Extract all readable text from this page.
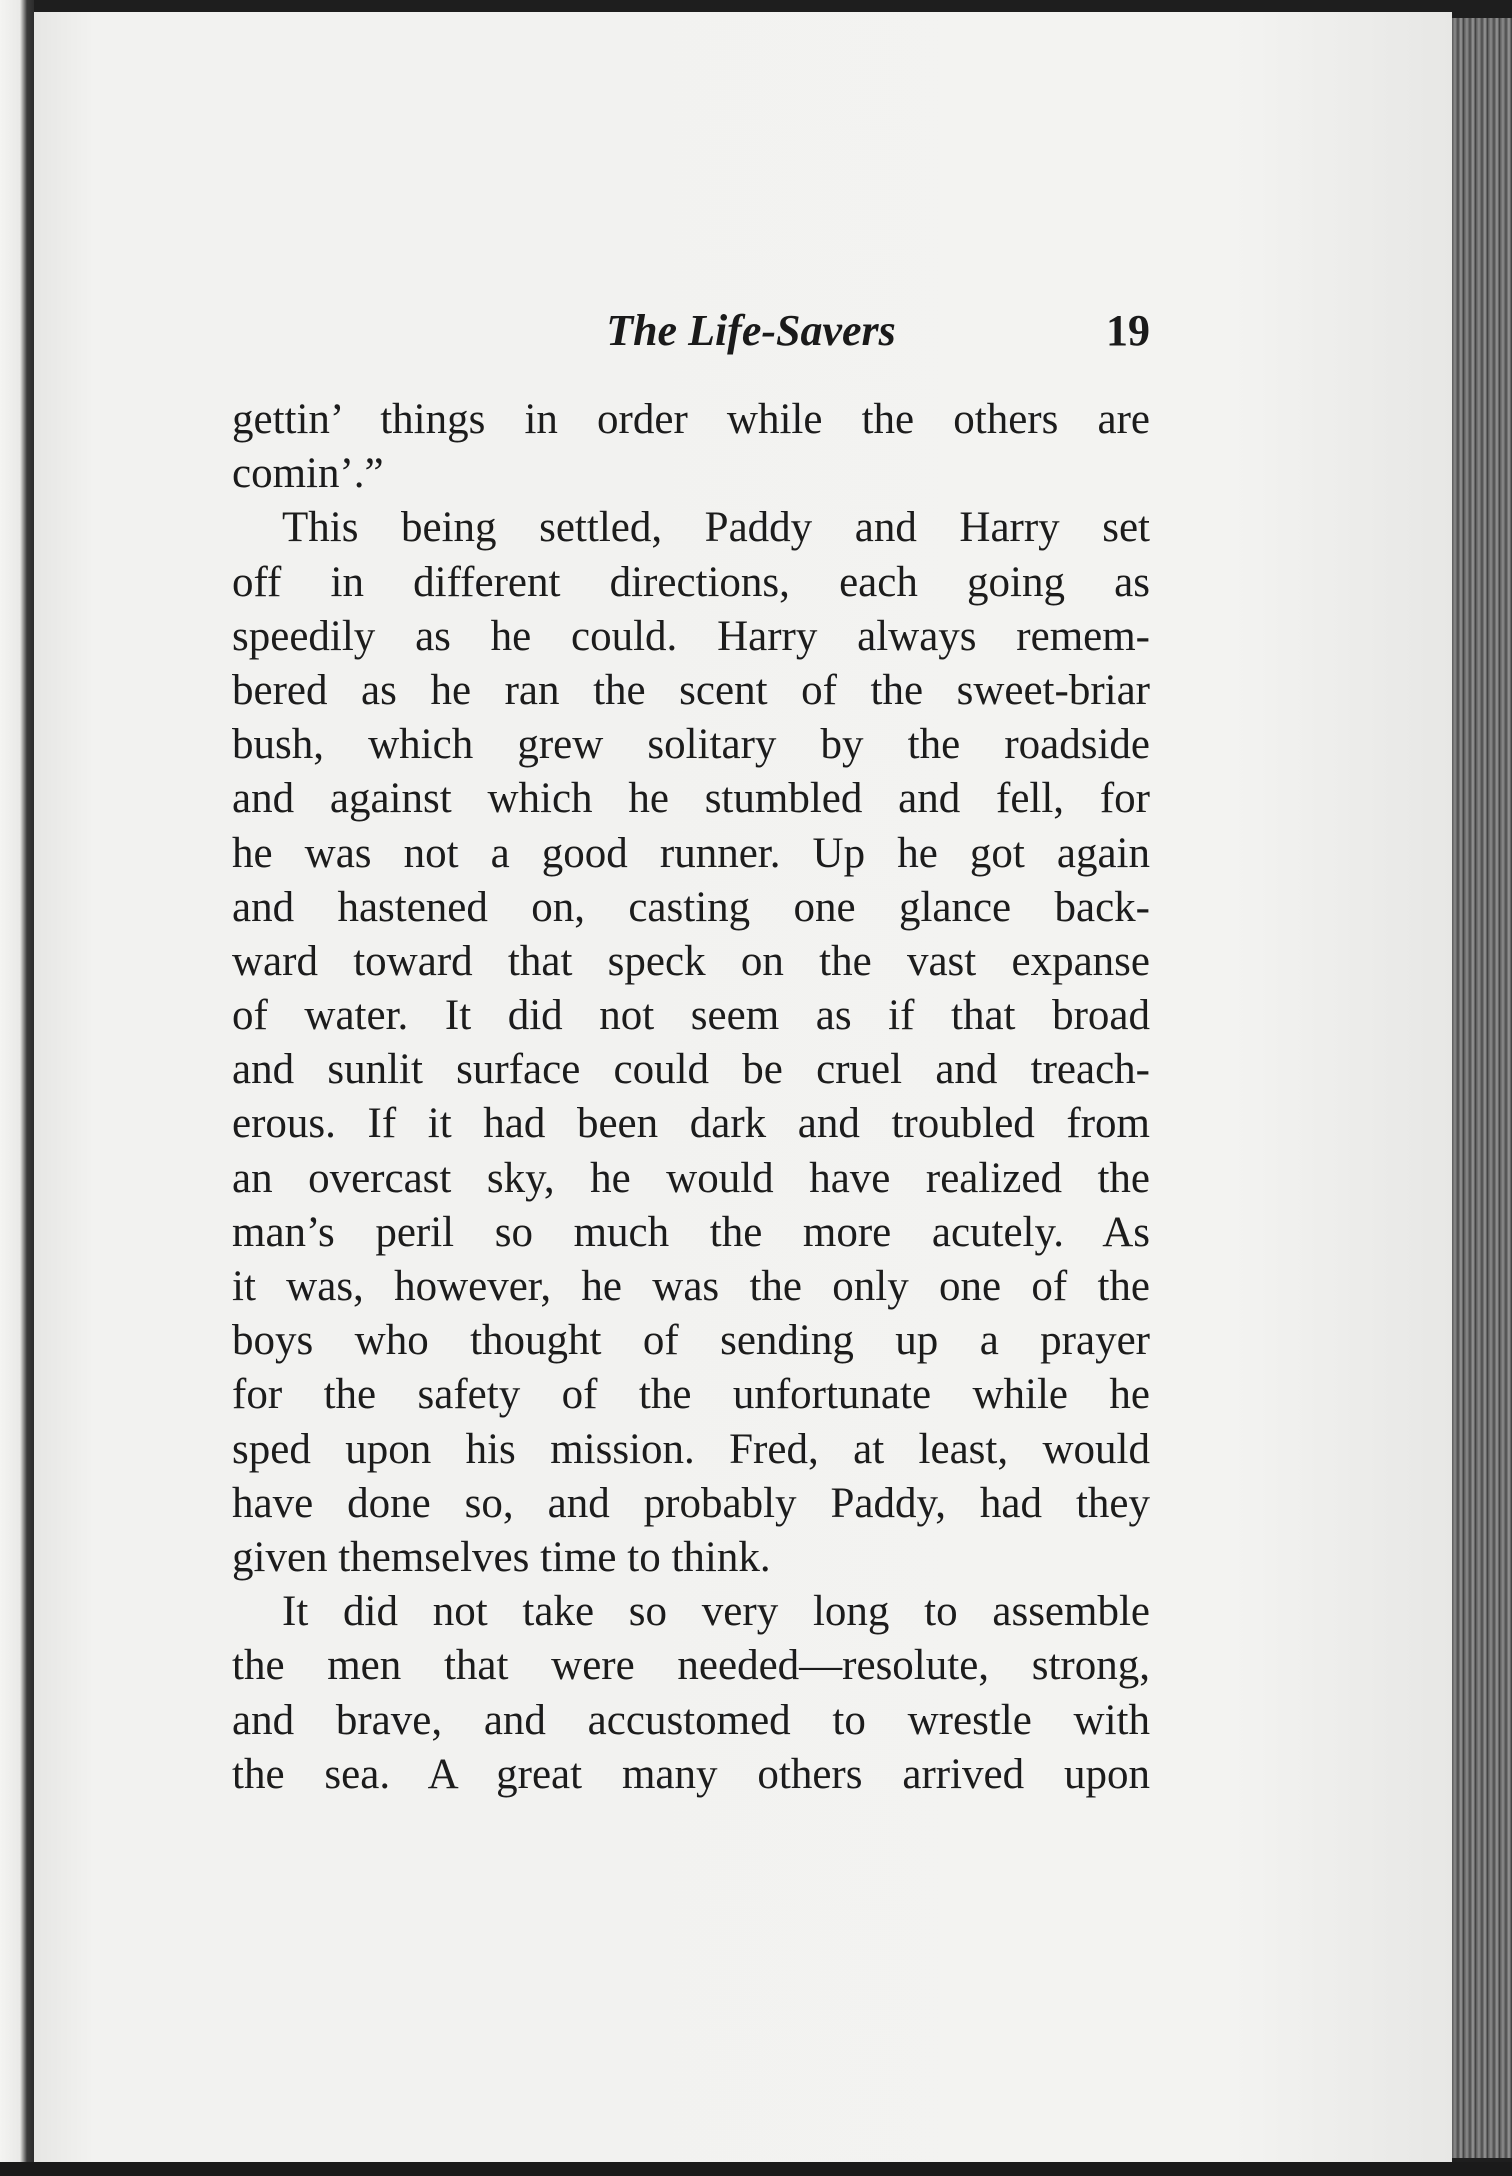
The Life-Savers	19
gettin’ things in order while the others are
comin’.”
This being settled, Paddy and Harry set
off in different directions, each going as
speedily as he could. Harry always remem-
bered as he ran the scent of the sweet-briar
bush, which grew solitary by the roadside
and against which he stumbled and fell, for
he was not a good runner. Up he got again
and hastened on, casting one glance back-
ward toward that speck on the vast expanse
of water. It did not seem as if that broad
and sunlit surface could be cruel and treach-
erous. If it had been dark and troubled from
an overcast sky, he would have realized the
man’s peril so much the more acutely. As
it was, however, he was the only one of the
boys who thought of sending up a prayer
for the safety of the unfortunate while he
sped upon his mission. Fred, at least, would
have done so, and probably Paddy, had they
given themselves time to think.
It did not take so very long to assemble
the men that were needed—resolute, strong,
and brave, and accustomed to wrestle with
the sea. A great many others arrived upon
